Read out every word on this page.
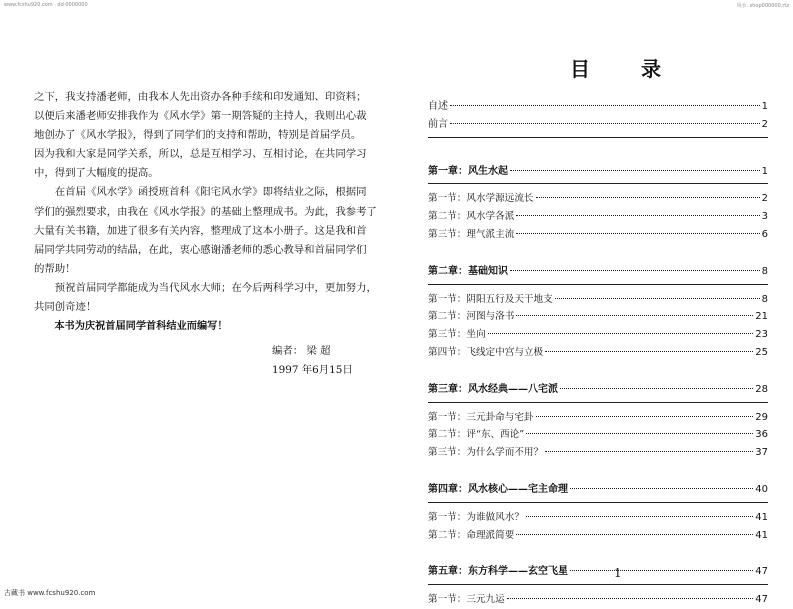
www.fcshu920.com · dd·0000000	风水· shop000000.rtz
之下，我支持潘老师，由我本人先出资办各种手续和印发通知、印资料；
以便后来潘老师安排我作为《风水学》第一期答疑的主持人，我则出心裁
地创办了《风水学报》，得到了同学们的支持和帮助，特别是首届学员。
因为我和大家是同学关系，所以，总是互相学习、互相讨论，在共同学习
中，得到了大幅度的提高。
　　在首届《风水学》函授班首科《阳宅风水学》即将结业之际，根据同
学们的强烈要求，由我在《风水学报》的基础上整理成书。为此，我参考了
大量有关书籍，加进了很多有关内容，整理成了这本小册子。这是我和首
届同学共同劳动的结晶，在此，衷心感谢潘老师的悉心教导和首届同学们
的帮助！
　　预祝首届同学都能成为当代风水大师；在今后两科学习中，更加努力，
共同创奇迹！
　　本书为庆祝首届同学首科结业而编写！
编者： 梁 超
1997 年6月15日
目 录
自述	1
前言	2
第一章：风生水起	1
第一节：风水学源远流长	2
第二节：风水学各派	3
第三节：理气派主流	6
第二章：基础知识	8
第一节：阴阳五行及天干地支	8
第二节：河图与洛书	21
第三节：坐向	23
第四节：飞线定中宫与立极	25
第三章：风水经典——八宅派	28
第一节：三元卦命与宅卦	29
第二节：评“东、西论”	36
第三节：为什么学而不用？	37
第四章：风水核心——宅主命理	40
第一节：为谁做风水？	41
第二节：命理派简要	41
第五章：东方科学——玄空飞星	47
第一节：三元九运	47
1
古藏书 www.fcshu920.com
